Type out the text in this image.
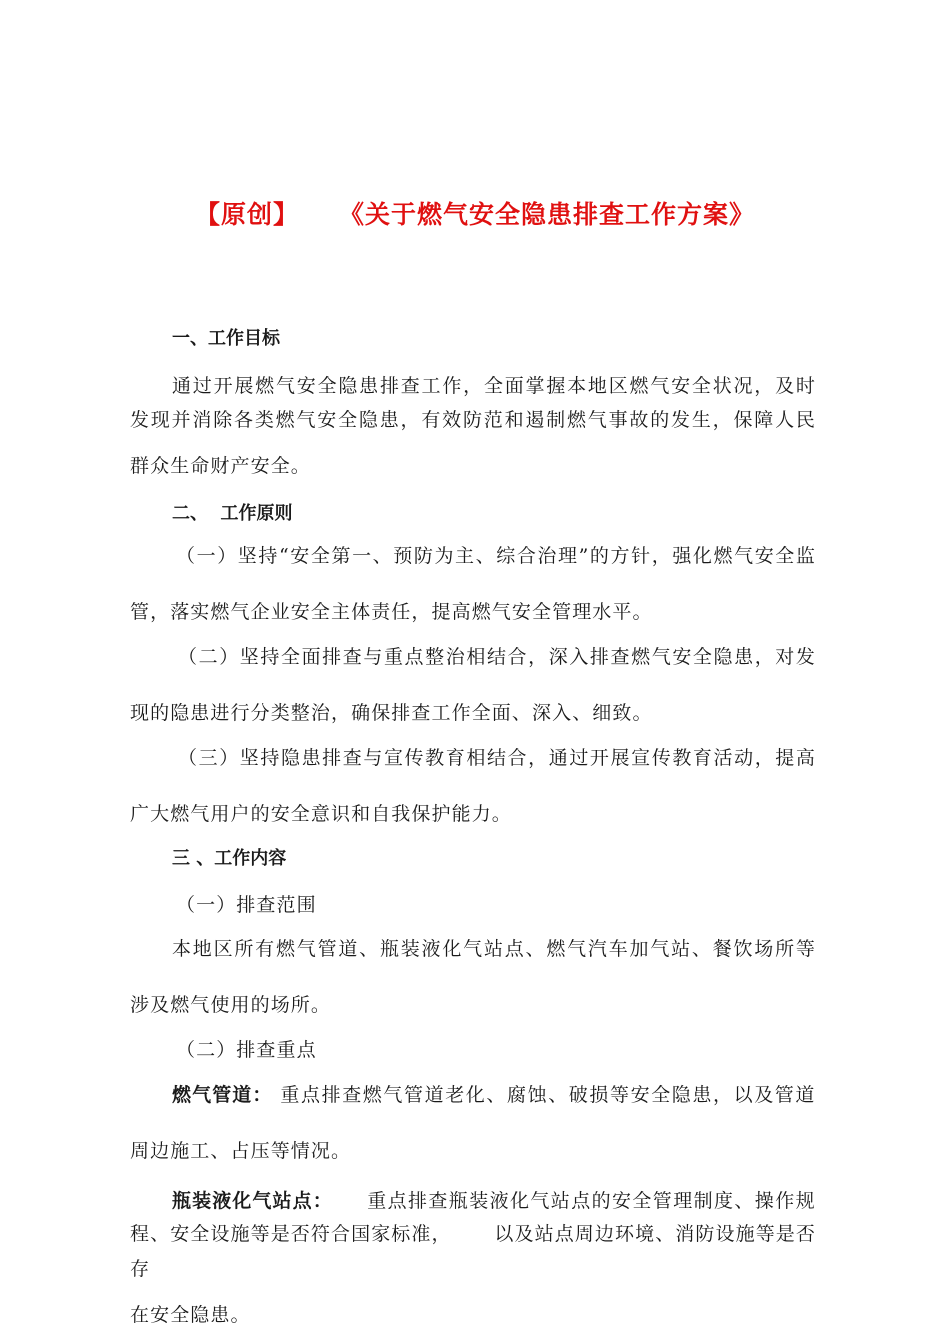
【原创】 《关于燃气安全隐患排查工作方案》
一、工作目标
通过开展燃气安全隐患排查工作，全面掌握本地区燃气安全状况，及时
发现并消除各类燃气安全隐患，有效防范和遏制燃气事故的发生，保障人民
群众生命财产安全。
二、  工作原则
（一）坚持“安全第一、预防为主、综合治理”的方针，强化燃气安全监
管，落实燃气企业安全主体责任，提高燃气安全管理水平。
（二）坚持全面排查与重点整治相结合，深入排查燃气安全隐患，对发
现的隐患进行分类整治，确保排查工作全面、深入、细致。
（三）坚持隐患排查与宣传教育相结合，通过开展宣传教育活动，提高
广大燃气用户的安全意识和自我保护能力。
三 、工作内容
（一）排查范围
本地区所有燃气管道、瓶装液化气站点、燃气汽车加气站、餐饮场所等
涉及燃气使用的场所。
（二）排查重点
燃气管道： 重点排查燃气管道老化、腐蚀、破损等安全隐患，以及管道
周边施工、占压等情况。
瓶装液化气站点： 重点排查瓶装液化气站点的安全管理制度、操作规
程、安全设施等是否符合国家标准， 以及站点周边环境、消防设施等是否
存
在安全隐患。
